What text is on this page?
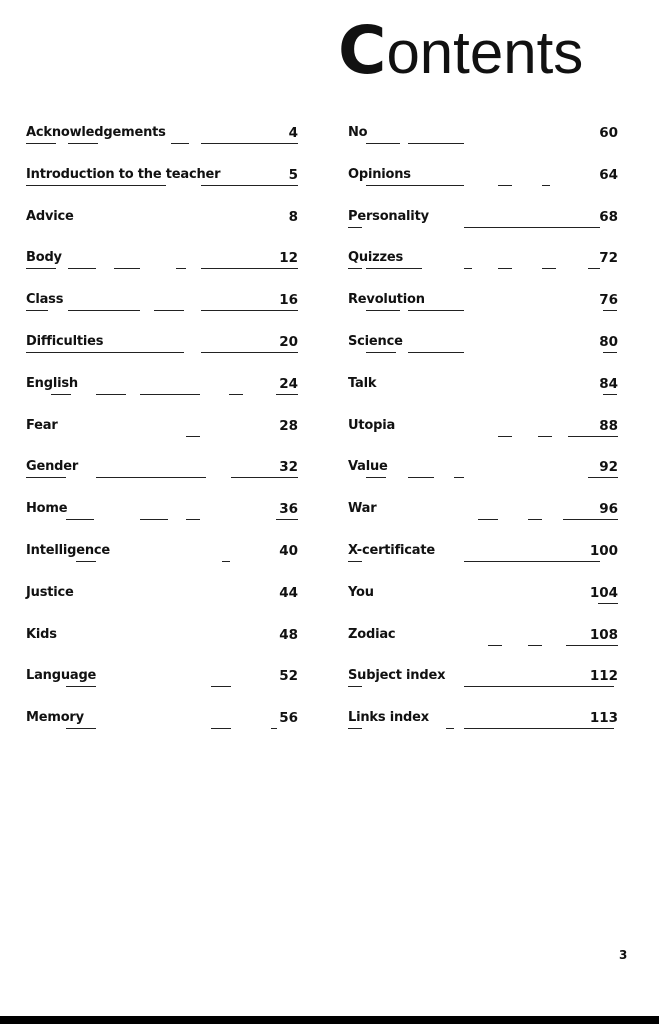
Contents
Acknowledgements	4
Introduction to the teacher	5
Advice	8
Body	12
Class	16
Difficulties	20
English	24
Fear	28
Gender	32
Home	36
Intelligence	40
Justice	44
Kids	48
Language	52
Memory	56
No	60
Opinions	64
Personality	68
Quizzes	72
Revolution	76
Science	80
Talk	84
Utopia	88
Value	92
War	96
X-certificate	100
You	104
Zodiac	108
Subject index	112
Links index	113
3
